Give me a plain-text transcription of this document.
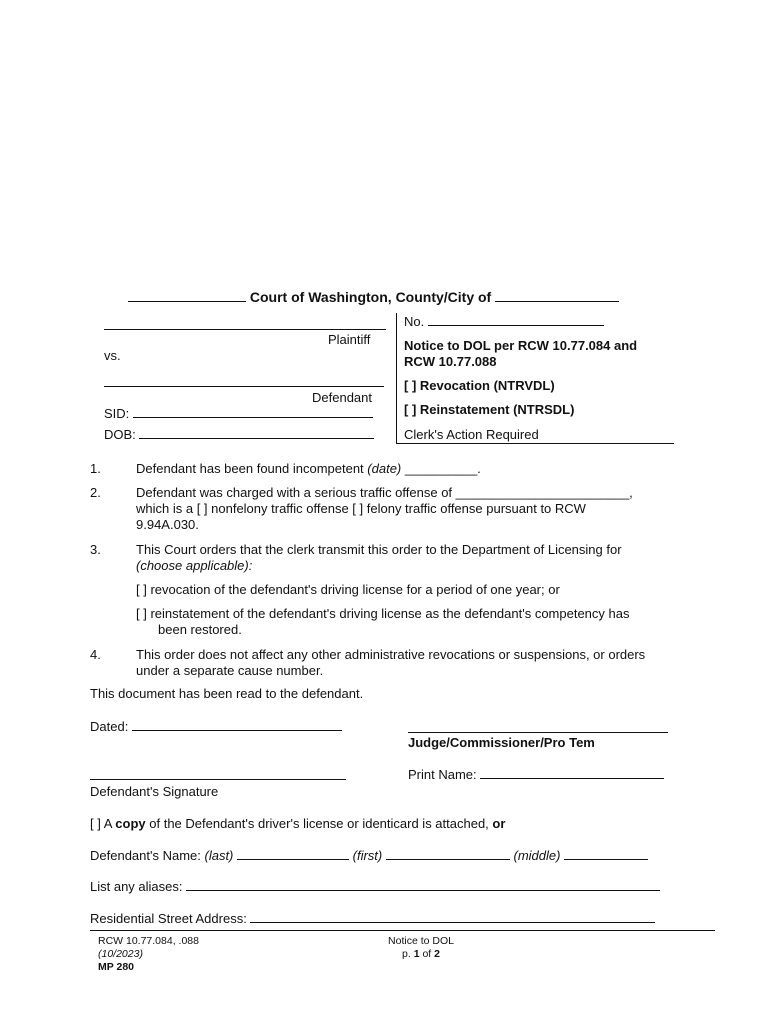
Court of Washington, County/City of
Plaintiff
vs.
Defendant
SID:
DOB:
No.
Notice to DOL per RCW 10.77.084 and RCW 10.77.088
[ ] Revocation (NTRVDL)
[ ] Reinstatement (NTRSDL)
Clerk's Action Required
1.	Defendant has been found incompetent (date) __________.
2.	Defendant was charged with a serious traffic offense of ________________________,
which is a [ ] nonfelony traffic offense [ ] felony traffic offense pursuant to RCW
9.94A.030.
3.	This Court orders that the clerk transmit this order to the Department of Licensing for
(choose applicable):
[ ] revocation of the defendant's driving license for a period of one year; or
[ ] reinstatement of the defendant's driving license as the defendant's competency has
been restored.
4.	This order does not affect any other administrative revocations or suspensions, or orders
under a separate cause number.
This document has been read to the defendant.
Dated:
Judge/Commissioner/Pro Tem
Print Name:
Defendant's Signature
[ ] A copy of the Defendant's driver's license or identicard is attached, or
Defendant's Name: (last)	(first)	(middle)
List any aliases:
Residential Street Address:
RCW 10.77.084, .088
(10/2023)
MP 280
Notice to DOL
p. 1 of 2
